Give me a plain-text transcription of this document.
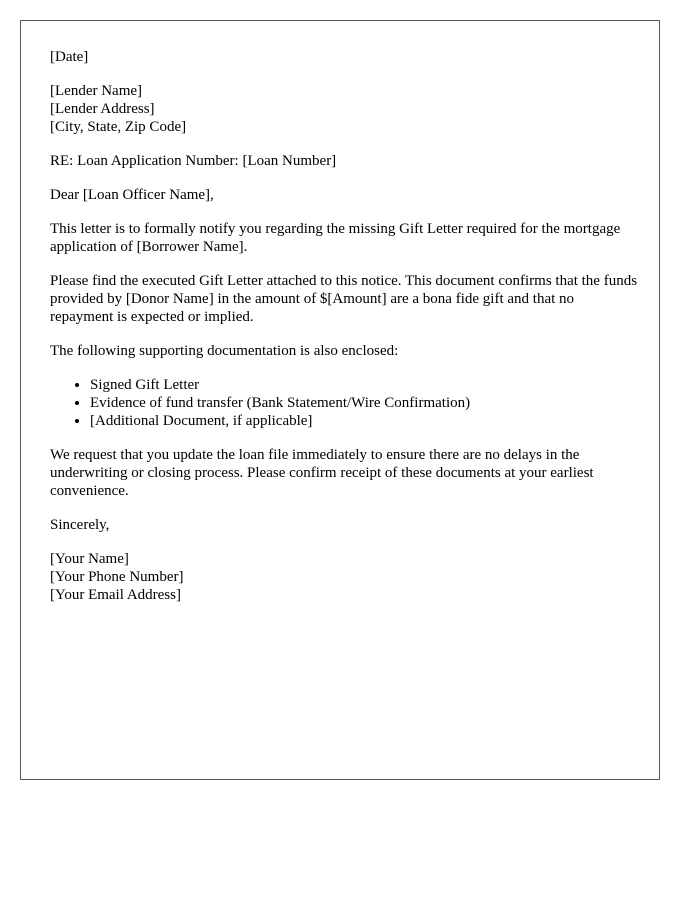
[Date]
[Lender Name]
[Lender Address]
[City, State, Zip Code]

RE: Loan Application Number: [Loan Number]

Dear [Loan Officer Name],

This letter is to formally notify you regarding the missing Gift Letter required for the mortgage application of [Borrower Name].

Please find the executed Gift Letter attached to this notice. This document confirms that the funds provided by [Donor Name] in the amount of $[Amount] are a bona fide gift and that no repayment is expected or implied.

The following supporting documentation is also enclosed:

• Signed Gift Letter
• Evidence of fund transfer (Bank Statement/Wire Confirmation)
• [Additional Document, if applicable]

We request that you update the loan file immediately to ensure there are no delays in the underwriting or closing process. Please confirm receipt of these documents at your earliest convenience.

Sincerely,

[Your Name]
[Your Phone Number]
[Your Email Address]
